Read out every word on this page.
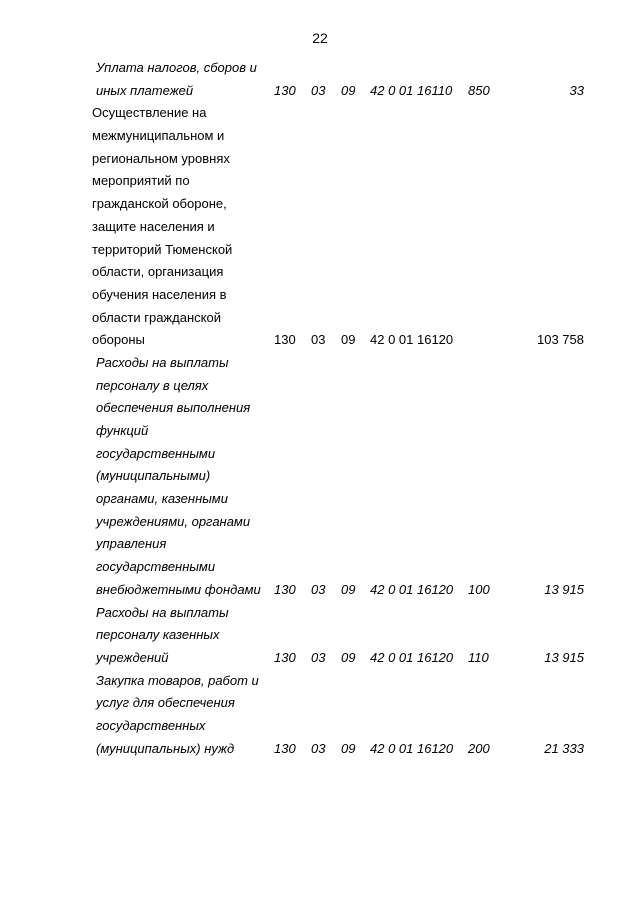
22
Уплата налогов, сборов и
иных платежей	130 03 09 42 0 01 16110 850	33
Осуществление на
межмуниципальном и
региональном уровнях
мероприятий по
гражданской обороне,
защите населения и
территорий Тюменской
области, организация
обучения населения в
области гражданской
обороны	130 03 09 42 0 01 16120	103 758
Расходы на выплаты
персоналу в целях
обеспечения выполнения
функций
государственными
(муниципальными)
органами, казенными
учреждениями, органами
управления
государственными
внебюджетными фондами	130 03 09 42 0 01 16120 100	13 915
Расходы на выплаты
персоналу казенных
учреждений	130 03 09 42 0 01 16120 110	13 915
Закупка товаров, работ и
услуг для обеспечения
государственных
(муниципальных) нужд	130 03 09 42 0 01 16120 200	21 333
